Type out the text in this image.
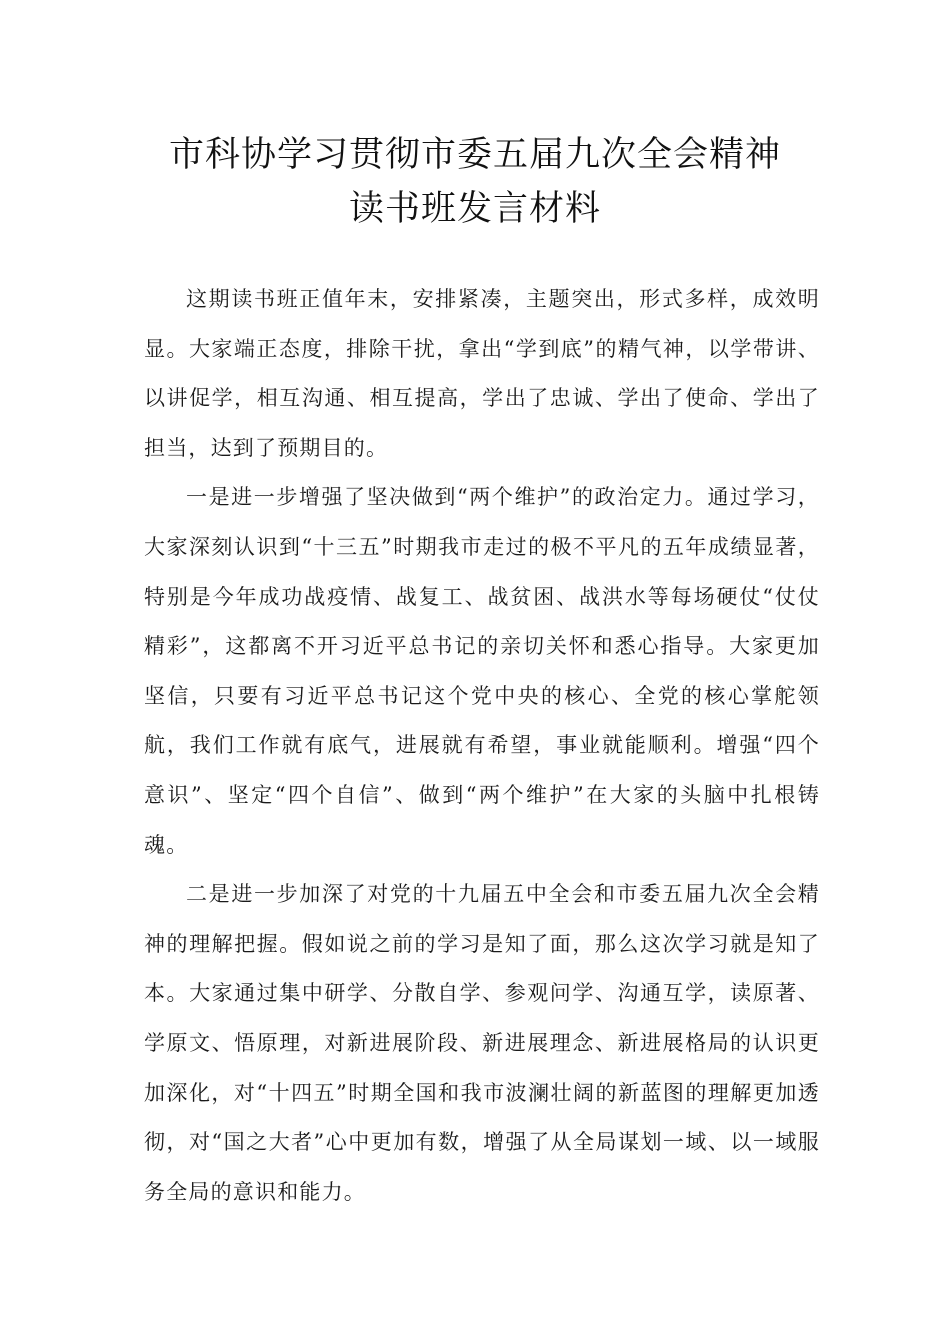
市科协学习贯彻市委五届九次全会精神
读书班发言材料

这期读书班正值年末，安排紧凑，主题突出，形式多样，成效明显。大家端正态度，排除干扰，拿出“学到底”的精气神，以学带讲、以讲促学，相互沟通、相互提高，学出了忠诚、学出了使命、学出了担当，达到了预期目的。

一是进一步增强了坚决做到“两个维护”的政治定力。通过学习，大家深刻认识到“十三五”时期我市走过的极不平凡的五年成绩显著，特别是今年成功战疫情、战复工、战贫困、战洪水等每场硬仗“仗仗精彩”，这都离不开习近平总书记的亲切关怀和悉心指导。大家更加坚信，只要有习近平总书记这个党中央的核心、全党的核心掌舵领航，我们工作就有底气，进展就有希望，事业就能顺利。增强“四个意识”、坚定“四个自信”、做到“两个维护”在大家的头脑中扎根铸魂。

二是进一步加深了对党的十九届五中全会和市委五届九次全会精神的理解把握。假如说之前的学习是知了面，那么这次学习就是知了本。大家通过集中研学、分散自学、参观问学、沟通互学，读原著、学原文、悟原理，对新进展阶段、新进展理念、新进展格局的认识更加深化，对“十四五”时期全国和我市波澜壮阔的新蓝图的理解更加透彻，对“国之大者”心中更加有数，增强了从全局谋划一域、以一域服务全局的意识和能力。
